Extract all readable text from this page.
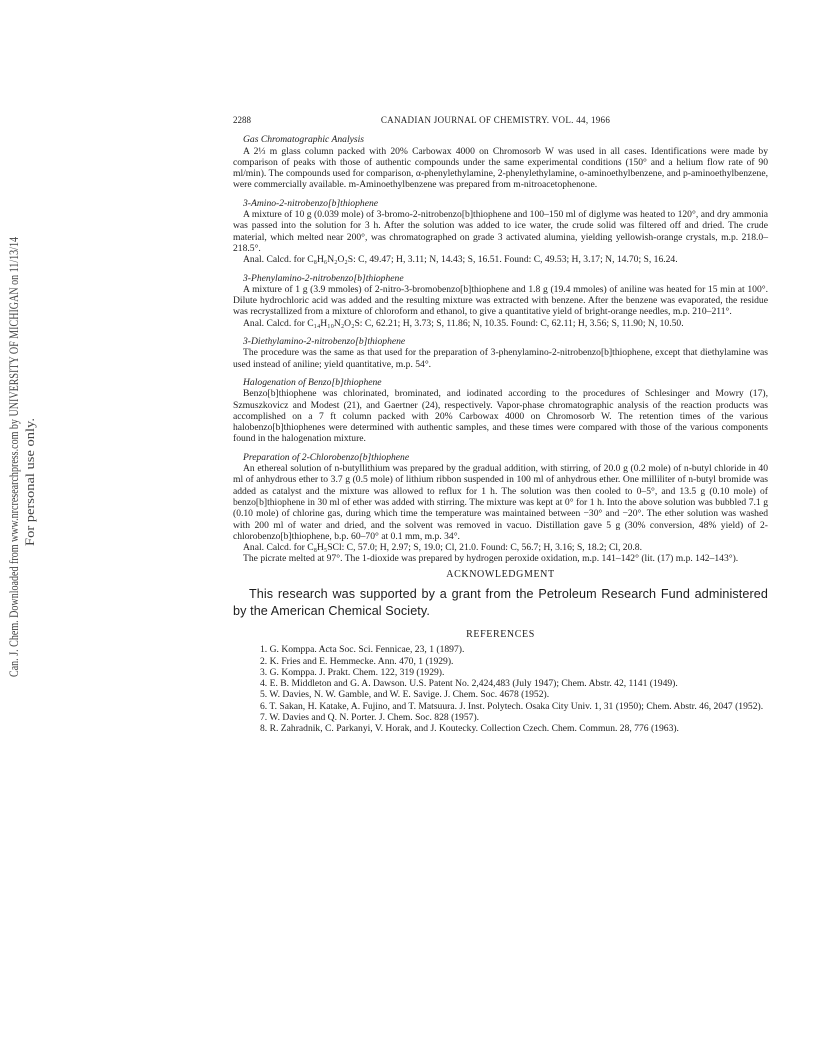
Can. J. Chem. Downloaded from www.nrcresearchpress.com by UNIVERSITY OF MICHIGAN on 11/13/14 For personal use only.
2288	CANADIAN JOURNAL OF CHEMISTRY. VOL. 44, 1966

Gas Chromatographic Analysis

A 2⅓ m glass column packed with 20% Carbowax 4000 on Chromosorb W was used in all cases. Identifications were made by comparison of peaks with those of authentic compounds under the same experimental conditions (150° and a helium flow rate of 90 ml/min). The compounds used for comparison, α-phenylethylamine, 2-phenylethylamine, o-aminoethylbenzene, and p-aminoethylbenzene, were commercially available. m-Aminoethylbenzene was prepared from m-nitroacetophenone.

3-Amino-2-nitrobenzo[b]thiophene

A mixture of 10 g (0.039 mole) of 3-bromo-2-nitrobenzo[b]thiophene and 100–150 ml of diglyme was heated to 120°, and dry ammonia was passed into the solution for 3 h. After the solution was added to ice water, the crude solid was filtered off and dried. The crude material, which melted near 200°, was chromatographed on grade 3 activated alumina, yielding yellowish-orange crystals, m.p. 218.0–218.5°.

Anal. Calcd. for C₈H₆N₂O₂S: C, 49.47; H, 3.11; N, 14.43; S, 16.51. Found: C, 49.53; H, 3.17; N, 14.70; S, 16.24.

3-Phenylamino-2-nitrobenzo[b]thiophene

A mixture of 1 g (3.9 mmoles) of 2-nitro-3-bromobenzo[b]thiophene and 1.8 g (19.4 mmoles) of aniline was heated for 15 min at 100°. Dilute hydrochloric acid was added and the resulting mixture was extracted with benzene. After the benzene was evaporated, the residue was recrystallized from a mixture of chloroform and ethanol, to give a quantitative yield of bright-orange needles, m.p. 210–211°.

Anal. Calcd. for C₁₄H₁₀N₂O₂S: C, 62.21; H, 3.73; S, 11.86; N, 10.35. Found: C, 62.11; H, 3.56; S, 11.90; N, 10.50.

3-Diethylamino-2-nitrobenzo[b]thiophene

The procedure was the same as that used for the preparation of 3-phenylamino-2-nitrobenzo[b]thiophene, except that diethylamine was used instead of aniline; yield quantitative, m.p. 54°.

Halogenation of Benzo[b]thiophene

Benzo[b]thiophene was chlorinated, brominated, and iodinated according to the procedures of Schlesinger and Mowry (17), Szmuszkovicz and Modest (21), and Gaertner (24), respectively. Vapor-phase chromatographic analysis of the reaction products was accomplished on a 7 ft column packed with 20% Carbowax 4000 on Chromosorb W. The retention times of the various halobenzo[b]thiophenes were determined with authentic samples, and these times were compared with those of the various components found in the halogenation mixture.

Preparation of 2-Chlorobenzo[b]thiophene

An ethereal solution of n-butyllithium was prepared by the gradual addition, with stirring, of 20.0 g (0.2 mole) of n-butyl chloride in 40 ml of anhydrous ether to 3.7 g (0.5 mole) of lithium ribbon suspended in 100 ml of anhydrous ether. One milliliter of n-butyl bromide was added as catalyst and the mixture was allowed to reflux for 1 h. The solution was then cooled to 0–5°, and 13.5 g (0.10 mole) of benzo[b]thiophene in 30 ml of ether was added with stirring. The mixture was kept at 0° for 1 h. Into the above solution was bubbled 7.1 g (0.10 mole) of chlorine gas, during which time the temperature was maintained between −30° and −20°. The ether solution was washed with 200 ml of water and dried, and the solvent was removed in vacuo. Distillation gave 5 g (30% conversion, 48% yield) of 2-chlorobenzo[b]thiophene, b.p. 60–70° at 0.1 mm, m.p. 34°.

Anal. Calcd. for C₈H₅SCl: C, 57.0; H, 2.97; S, 19.0; Cl, 21.0. Found: C, 56.7; H, 3.16; S, 18.2; Cl, 20.8.

The picrate melted at 97°. The 1-dioxide was prepared by hydrogen peroxide oxidation, m.p. 141–142° (lit. (17) m.p. 142–143°).

ACKNOWLEDGMENT

This research was supported by a grant from the Petroleum Research Fund administered by the American Chemical Society.

REFERENCES

1. G. Komppa. Acta Soc. Sci. Fennicae, 23, 1 (1897).
2. K. Fries and E. Hemmecke. Ann. 470, 1 (1929).
3. G. Komppa. J. Prakt. Chem. 122, 319 (1929).
4. E. B. Middleton and G. A. Dawson. U.S. Patent No. 2,424,483 (July 1947); Chem. Abstr. 42, 1141 (1949).
5. W. Davies, N. W. Gamble, and W. E. Savige. J. Chem. Soc. 4678 (1952).
6. T. Sakan, H. Katake, A. Fujino, and T. Matsuura. J. Inst. Polytech. Osaka City Univ. 1, 31 (1950); Chem. Abstr. 46, 2047 (1952).
7. W. Davies and Q. N. Porter. J. Chem. Soc. 828 (1957).
8. R. Zahradnik, C. Parkanyi, V. Horak, and J. Koutecky. Collection Czech. Chem. Commun. 28, 776 (1963).
